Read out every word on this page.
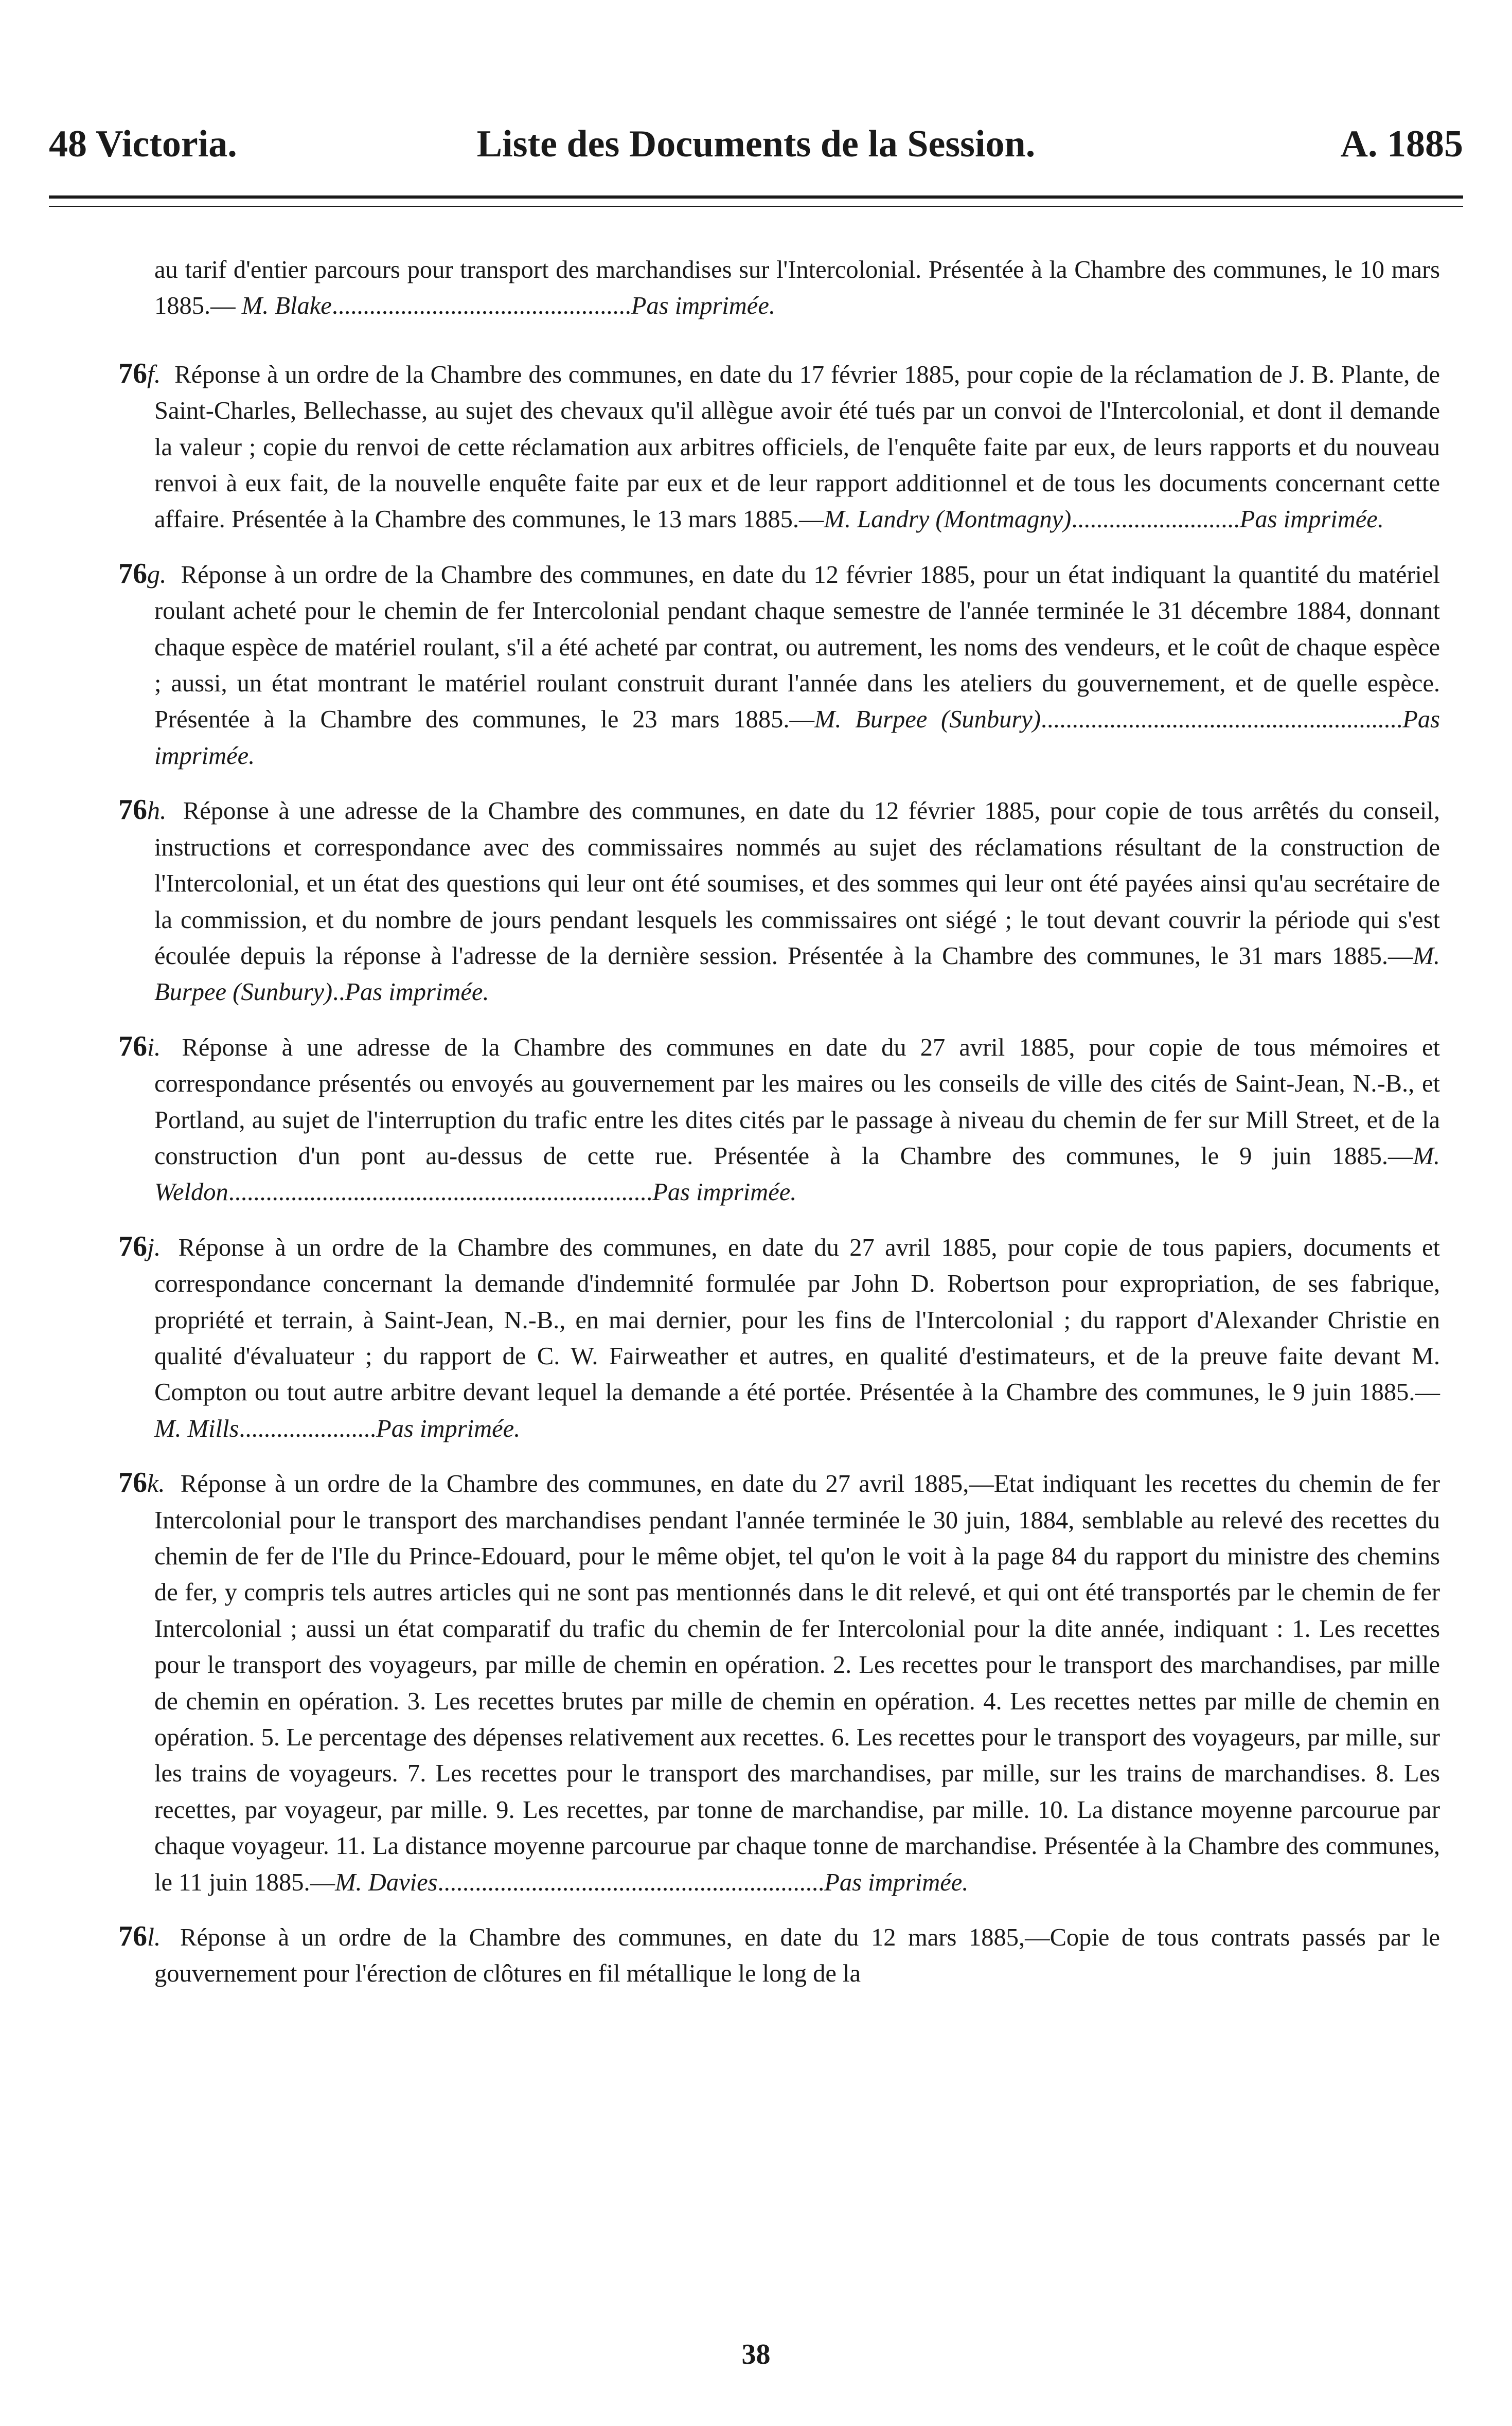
48 Victoria.	Liste des Documents de la Session.	A. 1885
au tarif d'entier parcours pour transport des marchandises sur l'Intercolonial. Présentée à la Chambre des communes, le 10 mars 1885.— M. Blake................................................Pas imprimée.
76f. Réponse à un ordre de la Chambre des communes, en date du 17 février 1885, pour copie de la réclamation de J. B. Plante, de Saint-Charles, Bellechasse, au sujet des chevaux qu'il allègue avoir été tués par un convoi de l'Intercolonial, et dont il demande la valeur ; copie du renvoi de cette réclamation aux arbitres officiels, de l'enquête faite par eux, de leurs rapports et du nouveau renvoi à eux fait, de la nouvelle enquête faite par eux et de leur rapport additionnel et de tous les documents concernant cette affaire. Présentée à la Chambre des communes, le 13 mars 1885.—M. Landry (Montmagny)...........................Pas imprimée.
76g. Réponse à un ordre de la Chambre des communes, en date du 12 février 1885, pour un état indiquant la quantité du matériel roulant acheté pour le chemin de fer Intercolonial pendant chaque semestre de l'année terminée le 31 décembre 1884, donnant chaque espèce de matériel roulant, s'il a été acheté par contrat, ou autrement, les noms des vendeurs, et le coût de chaque espèce ; aussi, un état montrant le matériel roulant construit durant l'année dans les ateliers du gouvernement, et de quelle espèce. Présentée à la Chambre des communes, le 23 mars 1885.—M. Burpee (Sunbury)..........................................................Pas imprimée.
76h. Réponse à une adresse de la Chambre des communes, en date du 12 février 1885, pour copie de tous arrêtés du conseil, instructions et correspondance avec des commissaires nommés au sujet des réclamations résultant de la construction de l'Intercolonial, et un état des questions qui leur ont été soumises, et des sommes qui leur ont été payées ainsi qu'au secrétaire de la commission, et du nombre de jours pendant lesquels les commissaires ont siégé ; le tout devant couvrir la période qui s'est écoulée depuis la réponse à l'adresse de la dernière session. Présentée à la Chambre des communes, le 31 mars 1885.—M. Burpee (Sunbury)..Pas imprimée.
76i. Réponse à une adresse de la Chambre des communes en date du 27 avril 1885, pour copie de tous mémoires et correspondance présentés ou envoyés au gouvernement par les maires ou les conseils de ville des cités de Saint-Jean, N.-B., et Portland, au sujet de l'interruption du trafic entre les dites cités par le passage à niveau du chemin de fer sur Mill Street, et de la construction d'un pont au-dessus de cette rue. Présentée à la Chambre des communes, le 9 juin 1885.—M. Weldon....................................................................Pas imprimée.
76j. Réponse à un ordre de la Chambre des communes, en date du 27 avril 1885, pour copie de tous papiers, documents et correspondance concernant la demande d'indemnité formulée par John D. Robertson pour expropriation, de ses fabrique, propriété et terrain, à Saint-Jean, N.-B., en mai dernier, pour les fins de l'Intercolonial ; du rapport d'Alexander Christie en qualité d'évaluateur ; du rapport de C. W. Fairweather et autres, en qualité d'estimateurs, et de la preuve faite devant M. Compton ou tout autre arbitre devant lequel la demande a été portée. Présentée à la Chambre des communes, le 9 juin 1885.—M. Mills......................Pas imprimée.
76k. Réponse à un ordre de la Chambre des communes, en date du 27 avril 1885,—Etat indiquant les recettes du chemin de fer Intercolonial pour le transport des marchandises pendant l'année terminée le 30 juin, 1884, semblable au relevé des recettes du chemin de fer de l'Ile du Prince-Edouard, pour le même objet, tel qu'on le voit à la page 84 du rapport du ministre des chemins de fer, y compris tels autres articles qui ne sont pas mentionnés dans le dit relevé, et qui ont été transportés par le chemin de fer Intercolonial ; aussi un état comparatif du trafic du chemin de fer Intercolonial pour la dite année, indiquant : 1. Les recettes pour le transport des voyageurs, par mille de chemin en opération. 2. Les recettes pour le transport des marchandises, par mille de chemin en opération. 3. Les recettes brutes par mille de chemin en opération. 4. Les recettes nettes par mille de chemin en opération. 5. Le percentage des dépenses relativement aux recettes. 6. Les recettes pour le transport des voyageurs, par mille, sur les trains de voyageurs. 7. Les recettes pour le transport des marchandises, par mille, sur les trains de marchandises. 8. Les recettes, par voyageur, par mille. 9. Les recettes, par tonne de marchandise, par mille. 10. La distance moyenne parcourue par chaque voyageur. 11. La distance moyenne parcourue par chaque tonne de marchandise. Présentée à la Chambre des communes, le 11 juin 1885.—M. Davies..............................................................Pas imprimée.
76l. Réponse à un ordre de la Chambre des communes, en date du 12 mars 1885,—Copie de tous contrats passés par le gouvernement pour l'érection de clôtures en fil métallique le long de la
38
